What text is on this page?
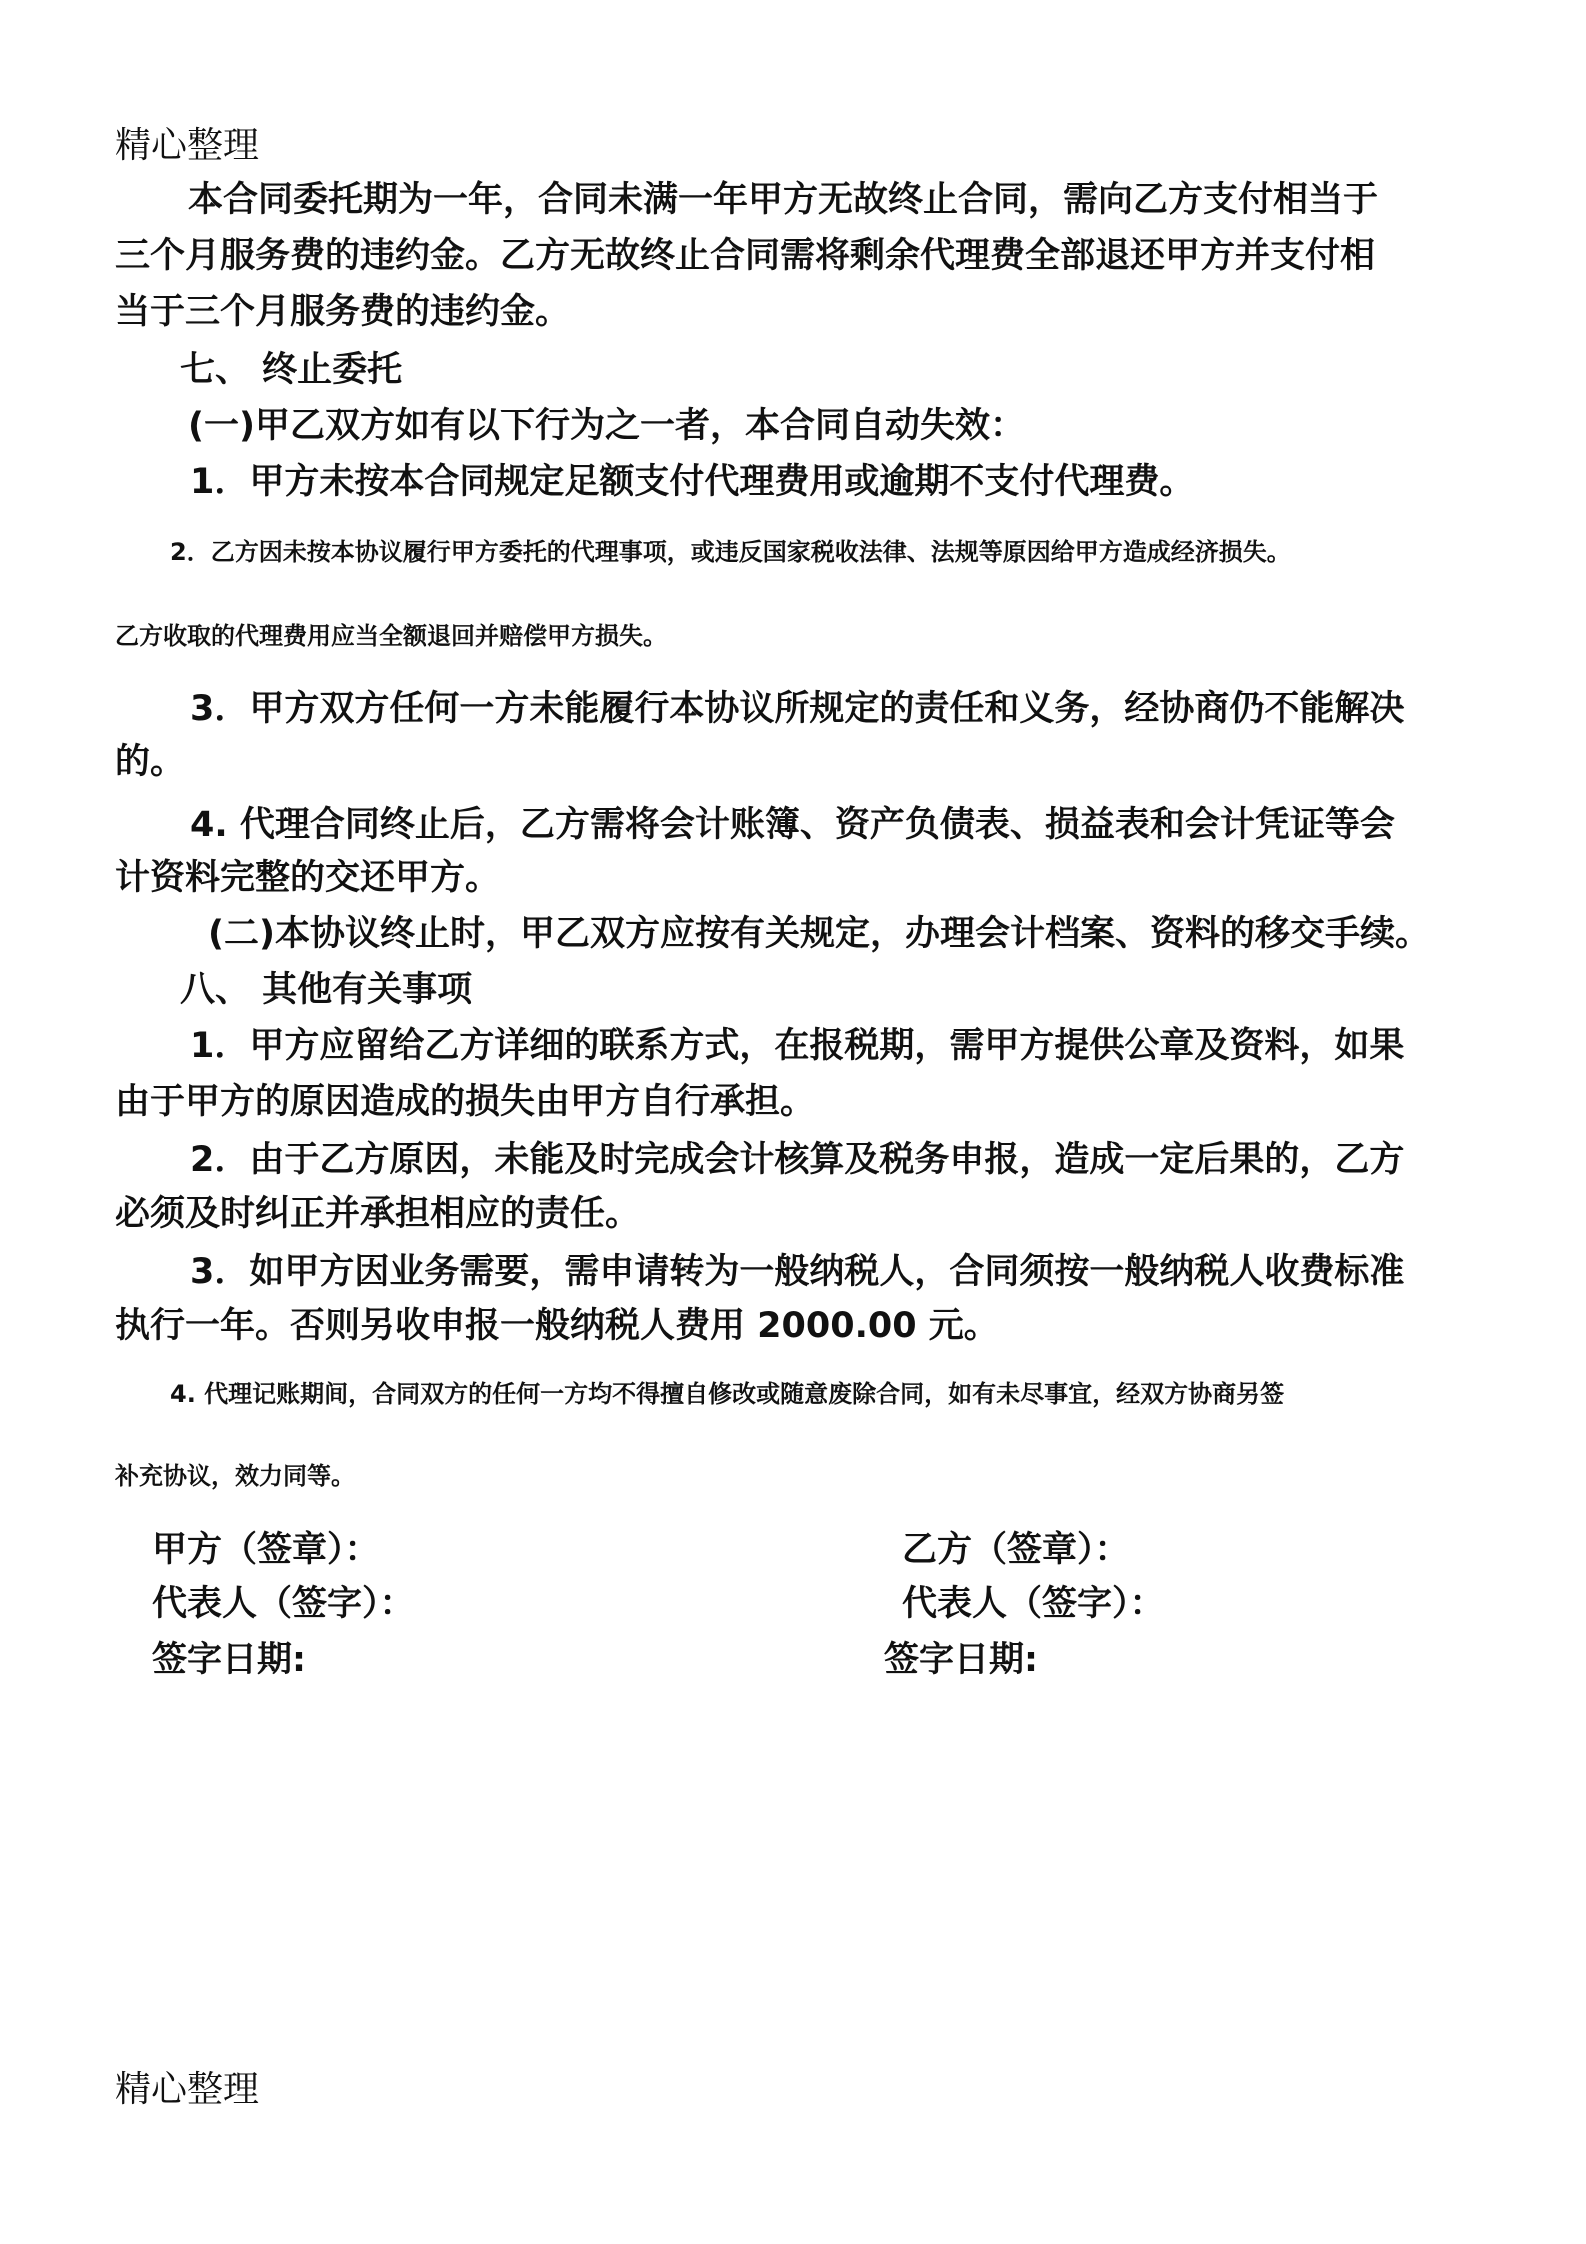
精心整理
本合同委托期为一年，合同未满一年甲方无故终止合同，需向乙方支付相当于
三个月服务费的违约金。乙方无故终止合同需将剩余代理费全部退还甲方并支付相
当于三个月服务费的违约金。
七、 终止委托
(一)甲乙双方如有以下行为之一者，本合同自动失效：
1．甲方未按本合同规定足额支付代理费用或逾期不支付代理费。
2．乙方因未按本协议履行甲方委托的代理事项，或违反国家税收法律、法规等原因给甲方造成经济损失。
乙方收取的代理费用应当全额退回并赔偿甲方损失。
3．甲方双方任何一方未能履行本协议所规定的责任和义务，经协商仍不能解决
的。
4. 代理合同终止后，乙方需将会计账簿、资产负债表、损益表和会计凭证等会
计资料完整的交还甲方。
(二)本协议终止时，甲乙双方应按有关规定，办理会计档案、资料的移交手续。
八、 其他有关事项
1．甲方应留给乙方详细的联系方式，在报税期，需甲方提供公章及资料，如果
由于甲方的原因造成的损失由甲方自行承担。
2．由于乙方原因，未能及时完成会计核算及税务申报，造成一定后果的，乙方
必须及时纠正并承担相应的责任。
3．如甲方因业务需要，需申请转为一般纳税人，合同须按一般纳税人收费标准
执行一年。否则另收申报一般纳税人费用 2000.00 元。
4. 代理记账期间，合同双方的任何一方均不得擅自修改或随意废除合同，如有未尽事宜，经双方协商另签
补充协议，效力同等。
甲方（签章）：	乙方（签章）：
代表人（签字）：	代表人（签字）：
签字日期:	签字日期:
精心整理
